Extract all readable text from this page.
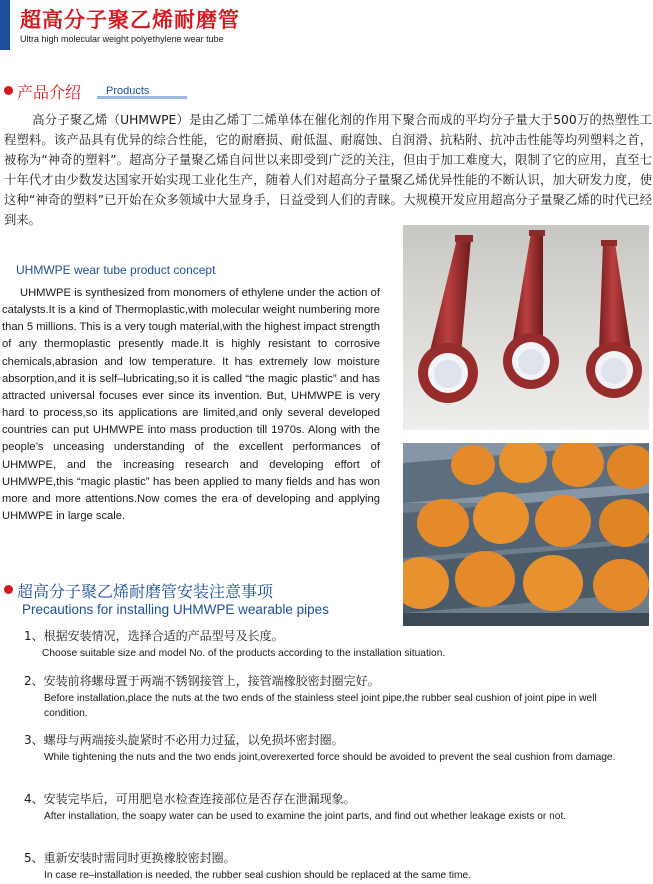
超高分子聚乙烯耐磨管
Ultra high molecular weight polyethylene wear tube
产品介绍 Products
高分子聚乙烯（UHMWPE）是由乙烯丁二烯单体在催化剂的作用下聚合而成的平均分子量大于500万的热塑性工程塑料。该产品具有优异的综合性能，它的耐磨损、耐低温、耐腐蚀、自润滑、抗粘附、抗冲击性能等均列塑料之首，被称为“神奇的塑料”。超高分子量聚乙烯自问世以来即受到广泛的关注，但由于加工难度大，限制了它的应用，直至七十年代才由少数发达国家开始实现工业化生产，随着人们对超高分子量聚乙烯优异性能的不断认识，加大研发力度，使这种“神奇的塑料”已开始在众多领域中大显身手，日益受到人们的青睐。大规模开发应用超高分子量聚乙烯的时代已经到来。
UHMWPE wear tube product concept
UHMWPE is synthesized from monomers of ethylene under the action of catalysts.It is a kind of Thermoplastic,with molecular weight numbering more than 5 millions. This is a very tough material,with the highest impact strength of any thermoplastic presently made.It is highly resistant to corrosive chemicals,abrasion and low temperature. It has extremely low moisture absorption,and it is self–lubricating,so it is called “the magic plastic” and has attracted universal focuses ever since its invention. But, UHMWPE is very hard to process,so its applications are limited,and only several developed countries can put UHMWPE into mass production till 1970s. Along with the people’s unceasing understanding of the excellent performances of UHMWPE, and the increasing research and developing effort of UHMWPE,this “magic plastic” has been applied to many fields and has won more and more attentions.Now comes the era of developing and applying UHMWPE in large scale.
超高分子聚乙烯耐磨管安装注意事项
Precautions for installing UHMWPE wearable pipes
1、根据安装情况，选择合适的产品型号及长度。
Choose suitable size and model No. of the products according to the installation situation.
2、安装前将螺母置于两端不锈钢接管上，接管端橡胶密封圈完好。
Before installation,place the nuts at the two ends of the stainless steel joint pipe,the rubber seal cushion of joint pipe in well condition.
3、螺母与两端接头旋紧时不必用力过猛，以免损坏密封圈。
While tightening the nuts and the two ends joint,overexerted force should be avoided to prevent the seal cushion from damage.
4、安装完毕后，可用肥皂水检查连接部位是否存在泄漏现象。
After installation, the soapy water can be used to examine the joint parts, and find out whether leakage exists or not.
5、重新安装时需同时更换橡胶密封圈。
In case re–installation is needed, the rubber seal cushion should be replaced at the same time.
